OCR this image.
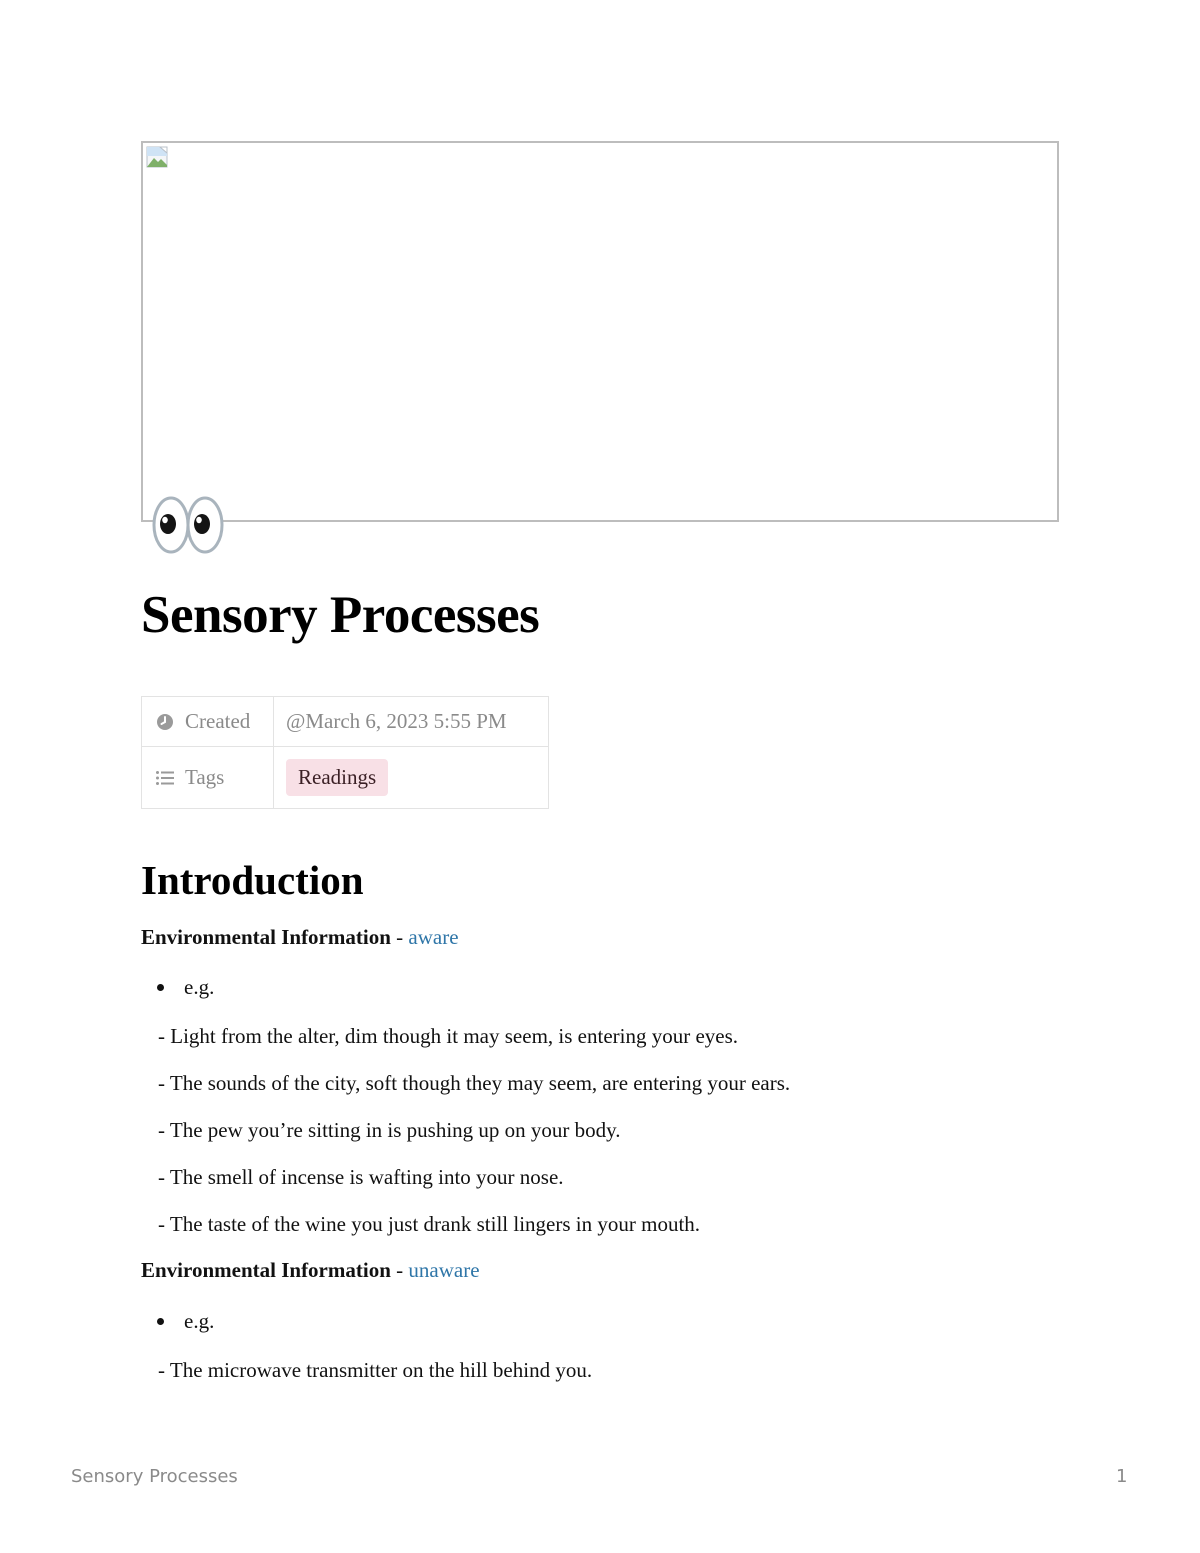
Sensory Processes
Created	@March 6, 2023 5:55 PM

Tags	Readings
Introduction
Environmental Information - aware
e.g.
- Light from the alter, dim though it may seem, is entering your eyes.
- The sounds of the city, soft though they may seem, are entering your ears.
- The pew you’re sitting in is pushing up on your body.
- The smell of incense is wafting into your nose.
- The taste of the wine you just drank still lingers in your mouth.
Environmental Information - unaware
e.g.
- The microwave transmitter on the hill behind you.
Sensory Processes	1
